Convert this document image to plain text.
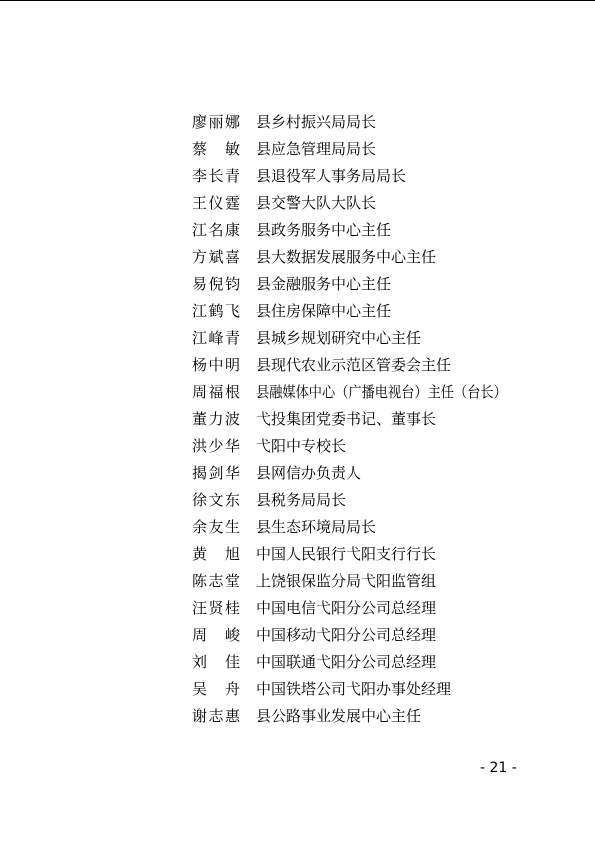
廖丽娜 县乡村振兴局局长
蔡　敏 县应急管理局局长
李长青 县退役军人事务局局长
王仪霆 县交警大队大队长
江名康 县政务服务中心主任
方斌喜 县大数据发展服务中心主任
易倪钧 县金融服务中心主任
江鹤飞 县住房保障中心主任
江峰青 县城乡规划研究中心主任
杨中明 县现代农业示范区管委会主任
周福根 县融媒体中心（广播电视台）主任（台长）
董力波 弋投集团党委书记、董事长
洪少华 弋阳中专校长
揭剑华 县网信办负责人
徐文东 县税务局局长
余友生 县生态环境局局长
黄　旭 中国人民银行弋阳支行行长
陈志堂 上饶银保监分局弋阳监管组
汪贤桂 中国电信弋阳分公司总经理
周　峻 中国移动弋阳分公司总经理
刘　佳 中国联通弋阳分公司总经理
吴　舟 中国铁塔公司弋阳办事处经理
谢志惠 县公路事业发展中心主任
- 21 -
